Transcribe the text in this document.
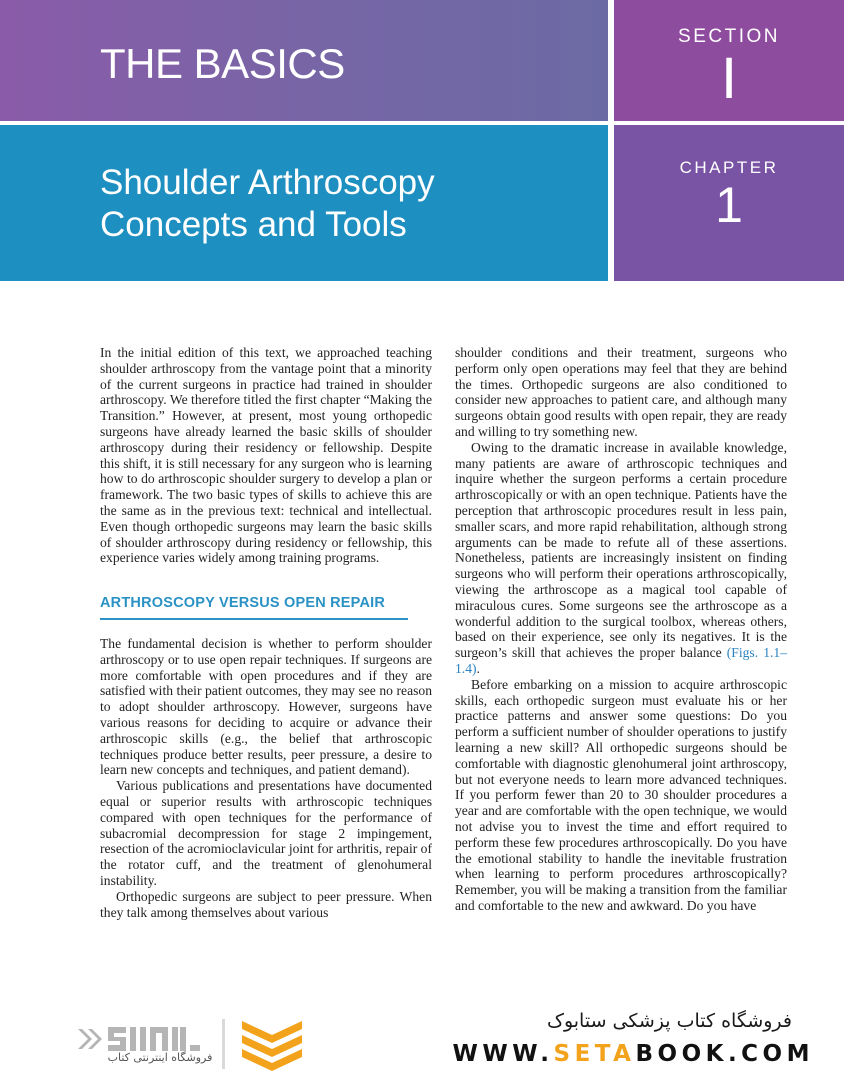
THE BASICS
SECTION
I
Shoulder Arthroscopy
Concepts and Tools
CHAPTER
1

In the initial edition of this text, we approached teaching shoulder arthroscopy from the vantage point that a minority of the current surgeons in practice had trained in shoulder arthroscopy. We therefore titled the first chapter “Making the Transition.” However, at present, most young orthopedic surgeons have already learned the basic skills of shoulder arthroscopy during their residency or fellowship. Despite this shift, it is still necessary for any surgeon who is learning how to do arthroscopic shoulder surgery to develop a plan or framework. The two basic types of skills to achieve this are the same as in the previous text: technical and intellectual. Even though orthopedic surgeons may learn the basic skills of shoulder arthroscopy during residency or fellowship, this experience varies widely among training programs.

ARTHROSCOPY VERSUS OPEN REPAIR

The fundamental decision is whether to perform shoulder arthroscopy or to use open repair techniques. If surgeons are more comfortable with open procedures and if they are satisfied with their patient outcomes, they may see no reason to adopt shoulder arthroscopy. However, surgeons have various reasons for deciding to acquire or advance their arthroscopic skills (e.g., the belief that arthroscopic techniques produce better results, peer pressure, a desire to learn new concepts and techniques, and patient demand).

Various publications and presentations have documented equal or superior results with arthroscopic techniques compared with open techniques for the performance of subacromial decompression for stage 2 impingement, resection of the acromioclavicular joint for arthritis, repair of the rotator cuff, and the treatment of glenohumeral instability.

Orthopedic surgeons are subject to peer pressure. When they talk among themselves about various

shoulder conditions and their treatment, surgeons who perform only open operations may feel that they are behind the times. Orthopedic surgeons are also conditioned to consider new approaches to patient care, and although many surgeons obtain good results with open repair, they are ready and willing to try something new.

Owing to the dramatic increase in available knowledge, many patients are aware of arthroscopic techniques and inquire whether the surgeon performs a certain procedure arthroscopically or with an open technique. Patients have the perception that arthroscopic procedures result in less pain, smaller scars, and more rapid rehabilitation, although strong arguments can be made to refute all of these assertions. Nonetheless, patients are increasingly insistent on finding surgeons who will perform their operations arthroscopically, viewing the arthroscope as a magical tool capable of miraculous cures. Some surgeons see the arthroscope as a wonderful addition to the surgical toolbox, whereas others, based on their experience, see only its negatives. It is the surgeon’s skill that achieves the proper balance (Figs. 1.1–1.4).

Before embarking on a mission to acquire arthroscopic skills, each orthopedic surgeon must evaluate his or her practice patterns and answer some questions: Do you perform a sufficient number of shoulder operations to justify learning a new skill? All orthopedic surgeons should be comfortable with diagnostic glenohumeral joint arthroscopy, but not everyone needs to learn more advanced techniques. If you perform fewer than 20 to 30 shoulder procedures a year and are comfortable with the open technique, we would not advise you to invest the time and effort required to perform these few procedures arthroscopically. Do you have the emotional stability to handle the inevitable frustration when learning to perform procedures arthroscopically? Remember, you will be making a transition from the familiar and comfortable to the new and awkward. Do you have

فروشگاه اینترنتی کتاب
فروشگاه کتاب پزشکی ستابوک
WWW.SETABOOK.COM
